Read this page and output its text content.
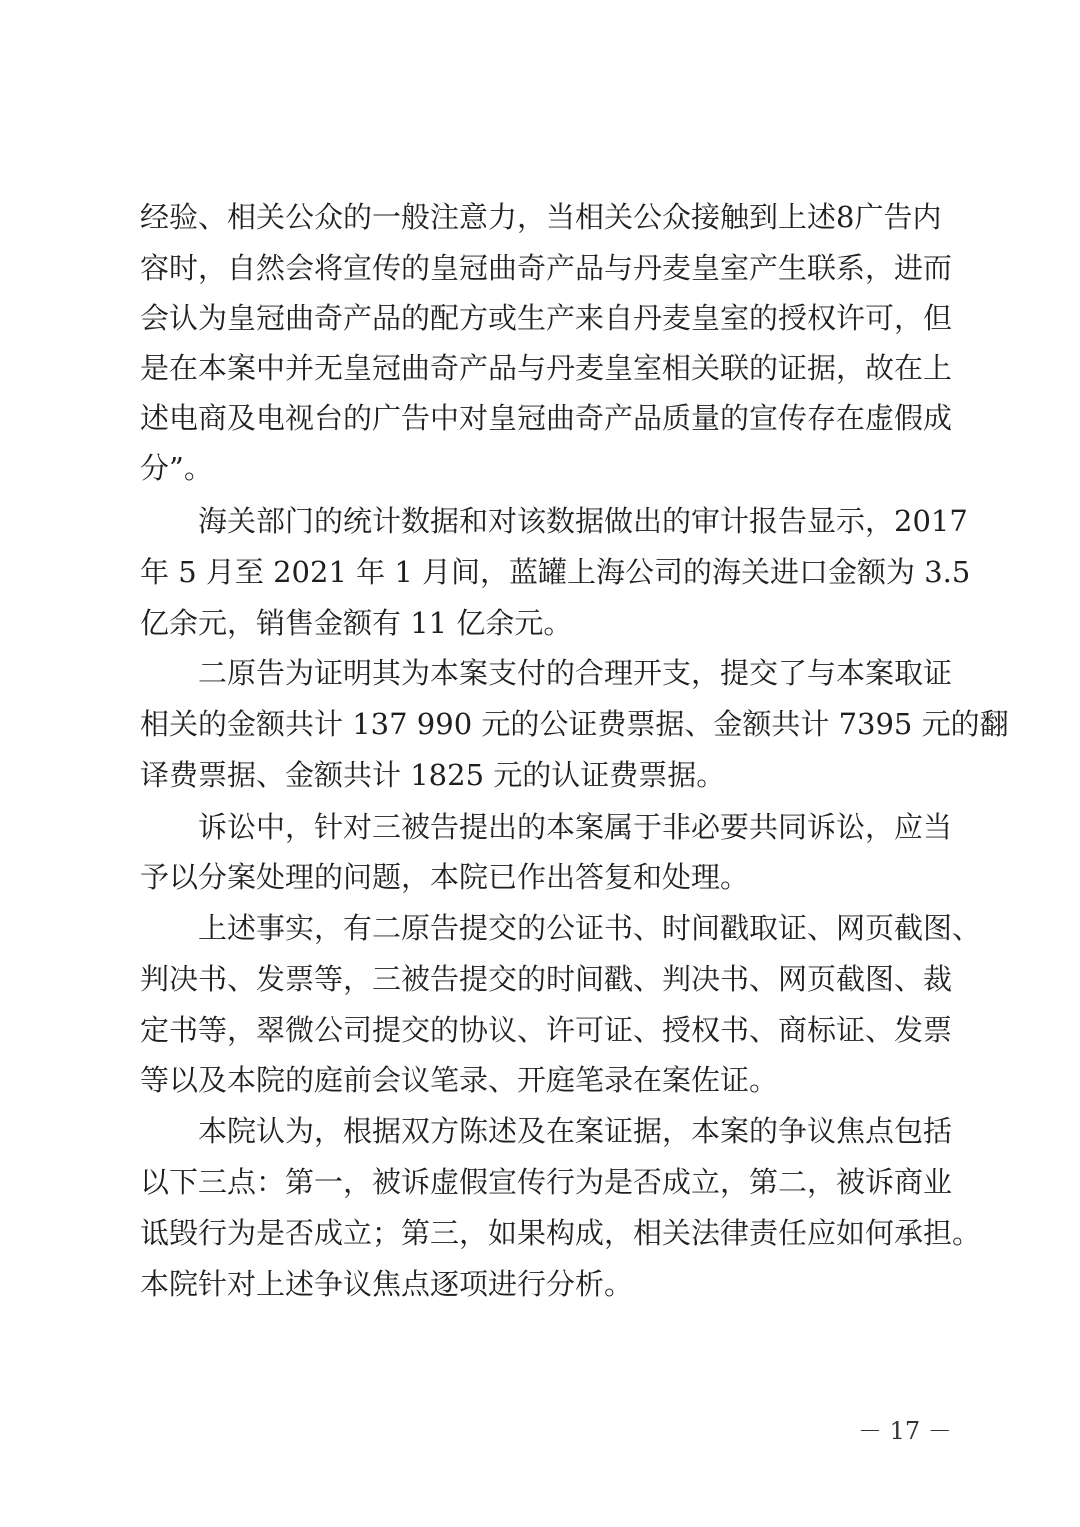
经验、相关公众的一般注意力，当相关公众接触到上述8广告内
容时，自然会将宣传的皇冠曲奇产品与丹麦皇室产生联系，进而
会认为皇冠曲奇产品的配方或生产来自丹麦皇室的授权许可，但
是在本案中并无皇冠曲奇产品与丹麦皇室相关联的证据，故在上
述电商及电视台的广告中对皇冠曲奇产品质量的宣传存在虚假成
分”。
海关部门的统计数据和对该数据做出的审计报告显示，2017
年 5 月至 2021 年 1 月间，蓝罐上海公司的海关进口金额为 3.5
亿余元，销售金额有 11 亿余元。
二原告为证明其为本案支付的合理开支，提交了与本案取证
相关的金额共计 137 990 元的公证费票据、金额共计 7395 元的翻
译费票据、金额共计 1825 元的认证费票据。
诉讼中，针对三被告提出的本案属于非必要共同诉讼，应当
予以分案处理的问题，本院已作出答复和处理。
上述事实，有二原告提交的公证书、时间戳取证、网页截图、
判决书、发票等，三被告提交的时间戳、判决书、网页截图、裁
定书等，翠微公司提交的协议、许可证、授权书、商标证、发票
等以及本院的庭前会议笔录、开庭笔录在案佐证。
本院认为，根据双方陈述及在案证据，本案的争议焦点包括
以下三点：第一，被诉虚假宣传行为是否成立，第二，被诉商业
诋毁行为是否成立；第三，如果构成，相关法律责任应如何承担。
本院针对上述争议焦点逐项进行分析。
－ 17 －
